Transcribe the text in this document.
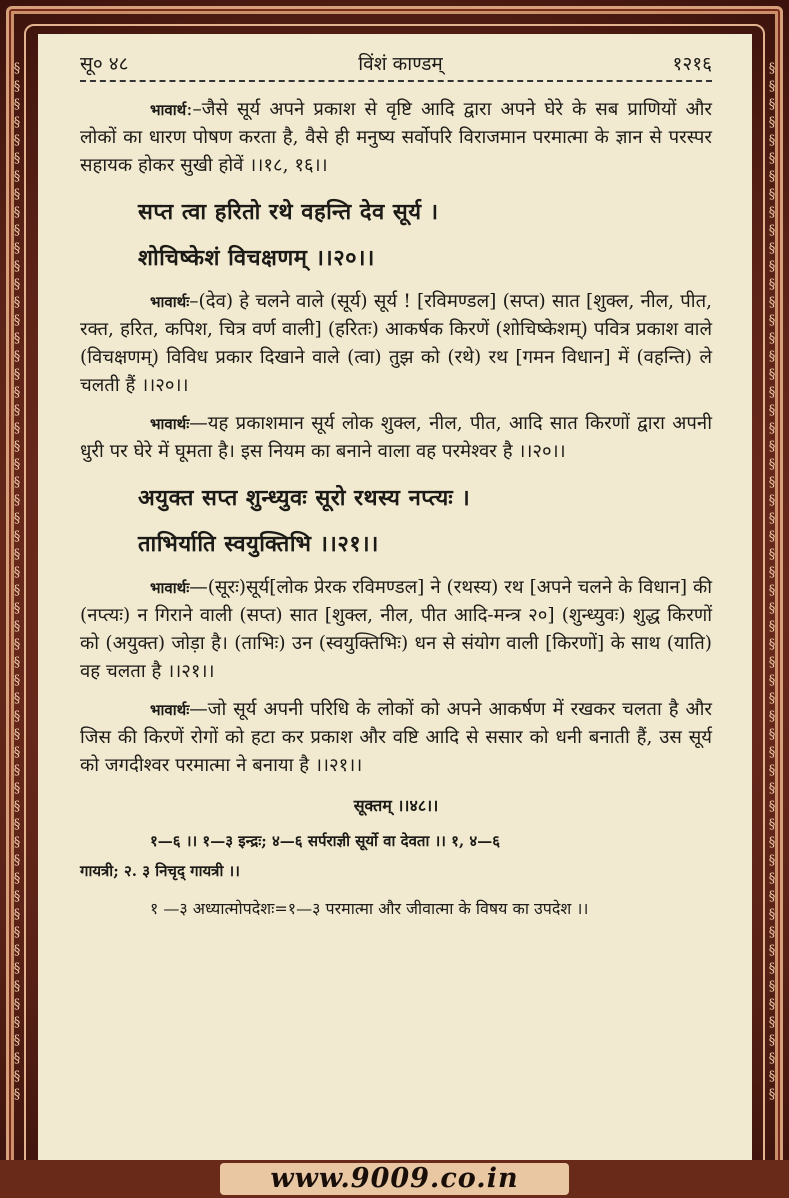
§
§
§
§
§
§
§
§
§
§
§
§
§
§
§
§
§
§
§
§
§
§
§
§
§
§
§
§
§
§
§
§
§
§
§
§
§
§
§
§
§
§
§
§
§
§
§
§
§
§
§
§
§
§
§
§
§
§
§
§
§
§
§
§
§
§
§
§
§
§
§
§
§
§
§
§
§
§
§
§
§
§
§
§
§
§
§
§
§
§
§
§
§
§
§
§
§
§
§
§
§
§
§
§
§
§
§
§
§
§
§
§
§
§
§
§
सू० ४८	विंशं काण्डम्	१२१६

भावार्थ:–जैसे सूर्य अपने प्रकाश से वृष्टि आदि द्वारा अपने घेरे के सब प्राणियों और लोकों का धारण पोषण करता है, वैसे ही मनुष्य सर्वोपरि विराजमान परमात्मा के ज्ञान से परस्पर सहायक होकर सुखी होवें ।।१८, १६।।

सप्त त्वा हरितो रथे वहन्ति देव सूर्य ।
शोचिष्केशं विचक्षणम् ।।२०।।

भावार्थः–(देव) हे चलने वाले (सूर्य) सूर्य ! [रविमण्डल] (सप्त) सात [शुक्ल, नील, पीत, रक्त, हरित, कपिश, चित्र वर्ण वाली] (हरितः) आकर्षक किरणें (शोचिष्केशम्) पवित्र प्रकाश वाले (विचक्षणम्) विविध प्रकार दिखाने वाले (त्वा) तुझ को (रथे) रथ [गमन विधान] में (वहन्ति) ले चलती हैं ।।२०।।

भावार्थः—यह प्रकाशमान सूर्य लोक शुक्ल, नील, पीत, आदि सात किरणों द्वारा अपनी धुरी पर घेरे में घूमता है। इस नियम का बनाने वाला वह परमेश्वर है ।।२०।।

अयुक्त सप्त शुन्ध्युवः सूरो रथस्य नप्त्यः ।
ताभिर्याति स्वयुक्तिभि ।।२१।।

भावार्थः—(सूरः)सूर्य[लोक प्रेरक रविमण्डल] ने (रथस्य) रथ [अपने चलने के विधान] की (नप्त्यः) न गिराने वाली (सप्त) सात [शुक्ल, नील, पीत आदि-मन्त्र २०] (शुन्ध्युवः) शुद्ध किरणों को (अयुक्त) जोड़ा है। (ताभिः) उन (स्वयुक्तिभिः) धन से संयोग वाली [किरणों] के साथ (याति) वह चलता है ।।२१।।

भावार्थः—जो सूर्य अपनी परिधि के लोकों को अपने आकर्षण में रखकर चलता है और जिस की किरणें रोगों को हटा कर प्रकाश और वष्टि आदि से ससार को धनी बनाती हैं, उस सूर्य को जगदीश्वर परमात्मा ने बनाया है ।।२१।।

सूक्तम् ।।४८।।

१—६ ।। १—३ इन्द्रः; ४—६ सर्पराज्ञी सूर्यो वा देवता ।। १, ४—६

गायत्री; २. ३ निचृद् गायत्री ।।

१ —३ अध्यात्मोपदेशः=१—३ परमात्मा और जीवात्मा के विषय का उपदेश ।।

www.9009.co.in
